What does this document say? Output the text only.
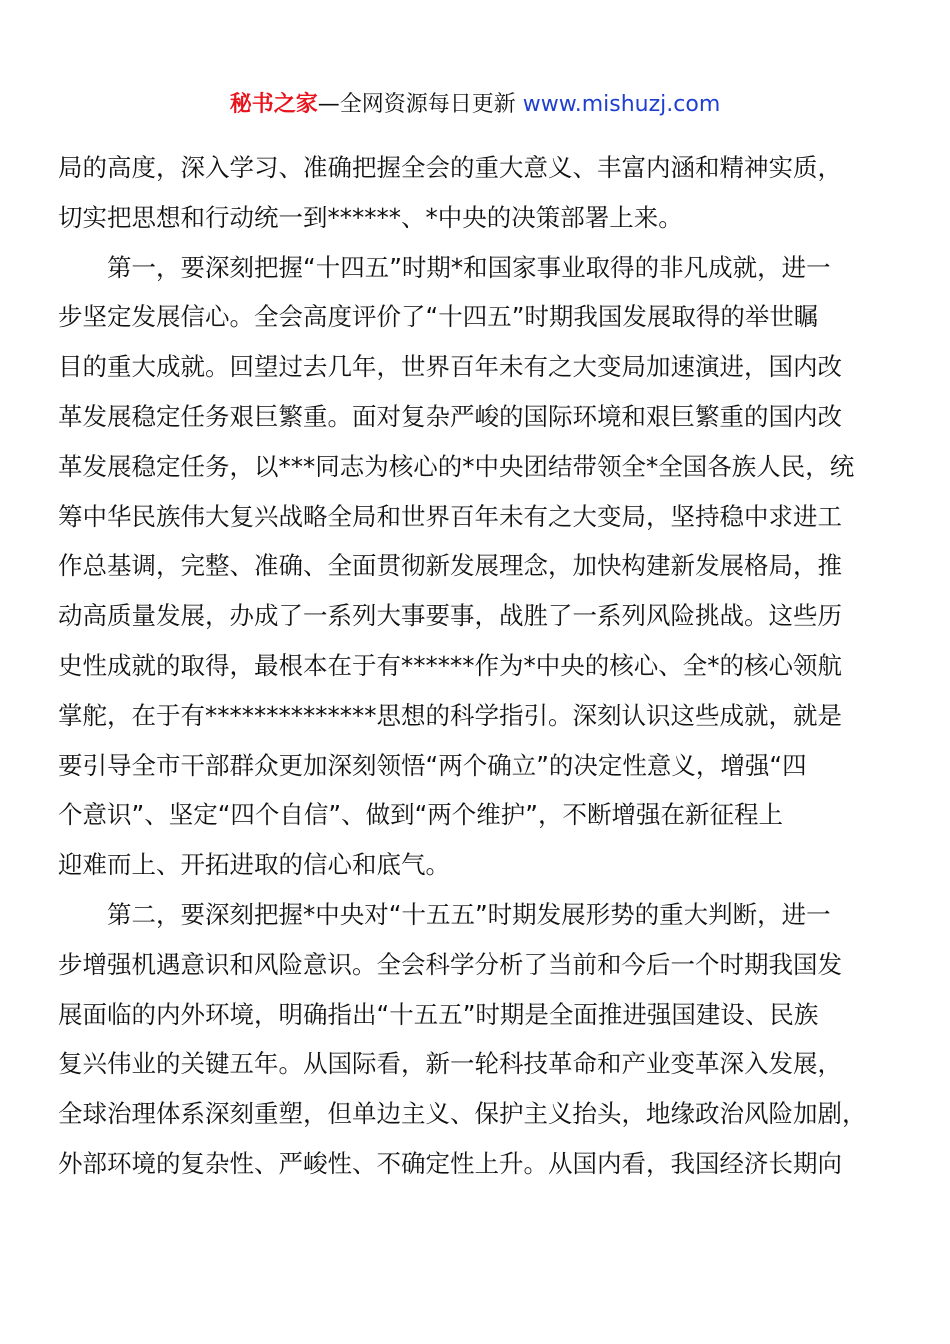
秘书之家—全网资源每日更新 www.mishuzj.com
局的高度，深入学习、准确把握全会的重大意义、丰富内涵和精神实质，
切实把思想和行动统一到******、*中央的决策部署上来。
第一，要深刻把握“十四五”时期*和国家事业取得的非凡成就，进一
步坚定发展信心。全会高度评价了“十四五”时期我国发展取得的举世瞩
目的重大成就。回望过去几年，世界百年未有之大变局加速演进，国内改
革发展稳定任务艰巨繁重。面对复杂严峻的国际环境和艰巨繁重的国内改
革发展稳定任务，以***同志为核心的*中央团结带领全*全国各族人民，统
筹中华民族伟大复兴战略全局和世界百年未有之大变局，坚持稳中求进工
作总基调，完整、准确、全面贯彻新发展理念，加快构建新发展格局，推
动高质量发展，办成了一系列大事要事，战胜了一系列风险挑战。这些历
史性成就的取得，最根本在于有******作为*中央的核心、全*的核心领航
掌舵，在于有**************思想的科学指引。深刻认识这些成就，就是
要引导全市干部群众更加深刻领悟“两个确立”的决定性意义，增强“四
个意识”、坚定“四个自信”、做到“两个维护”，不断增强在新征程上
迎难而上、开拓进取的信心和底气。
第二，要深刻把握*中央对“十五五”时期发展形势的重大判断，进一
步增强机遇意识和风险意识。全会科学分析了当前和今后一个时期我国发
展面临的内外环境，明确指出“十五五”时期是全面推进强国建设、民族
复兴伟业的关键五年。从国际看，新一轮科技革命和产业变革深入发展，
全球治理体系深刻重塑，但单边主义、保护主义抬头，地缘政治风险加剧，
外部环境的复杂性、严峻性、不确定性上升。从国内看，我国经济长期向
